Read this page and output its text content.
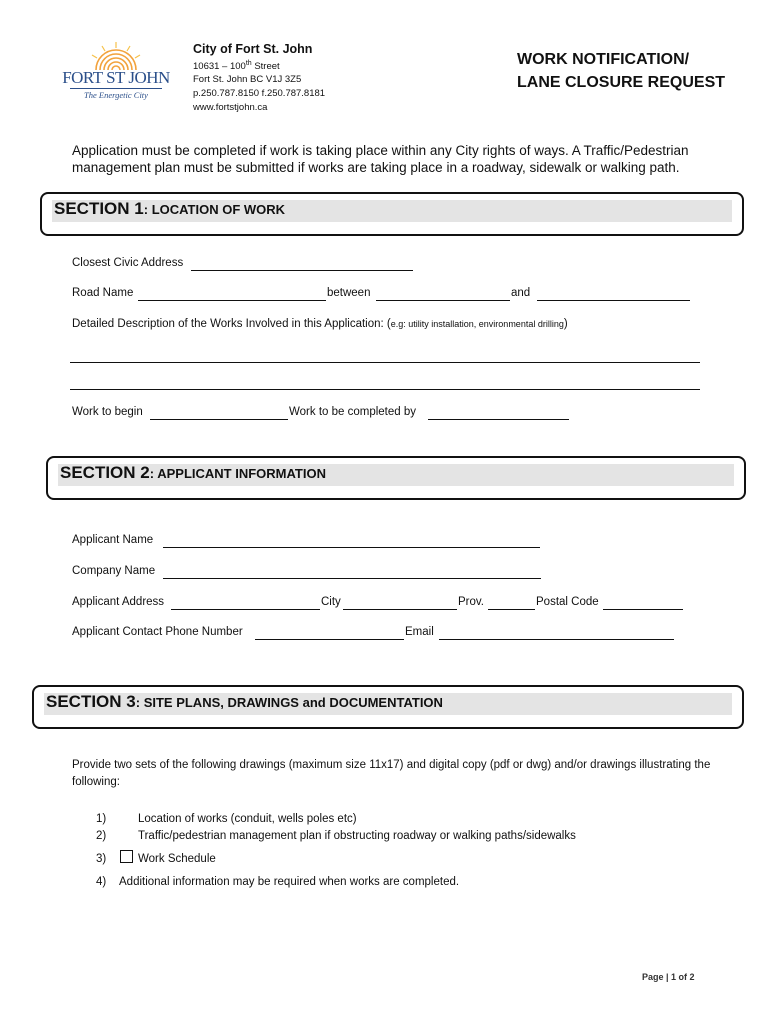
FORT ST JOHN
The Energetic City
City of Fort St. John
10631 – 100th Street
Fort St. John BC V1J 3Z5
p.250.787.8150 f.250.787.8181
www.fortstjohn.ca
WORK NOTIFICATION/
LANE CLOSURE REQUEST
Application must be completed if work is taking place within any City rights of ways. A Traffic/Pedestrian management plan must be submitted if works are taking place in a roadway, sidewalk or walking path.
SECTION 1: LOCATION OF WORK
Closest Civic Address
Road Name	between	and
Detailed Description of the Works Involved in this Application: (e.g: utility installation, environmental drilling)
Work to begin	Work to be completed by
SECTION 2: APPLICANT INFORMATION
Applicant Name
Company Name
Applicant Address	City	Prov.	Postal Code
Applicant Contact Phone Number	Email
SECTION 3: SITE PLANS, DRAWINGS and DOCUMENTATION
Provide two sets of the following drawings (maximum size 11x17) and digital copy (pdf or dwg) and/or drawings illustrating the following:
1)	Location of works (conduit, wells poles etc)
2)	Traffic/pedestrian management plan if obstructing roadway or walking paths/sidewalks
3)	Work Schedule
4) Additional information may be required when works are completed.
Page | 1 of 2
